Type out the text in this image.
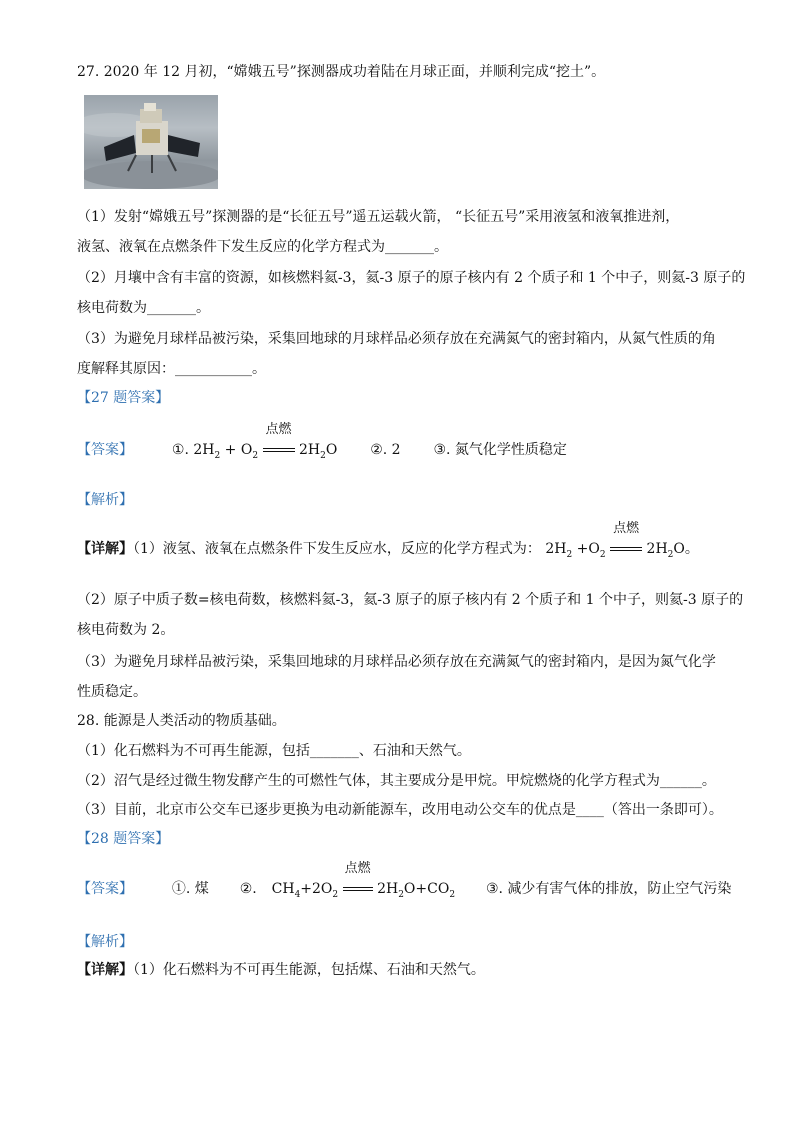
27. 2020 年 12 月初，“嫦娥五号”探测器成功着陆在月球正面，并顺利完成“挖土”。
（1）发射“嫦娥五号”探测器的是“长征五号”遥五运载火箭， “长征五号”采用液氢和液氧推进剂，
液氢、液氧在点燃条件下发生反应的化学方程式为_______。
（2）月壤中含有丰富的资源，如核燃料氦-3，氦-3 原子的原子核内有 2 个质子和 1 个中子，则氦-3 原子的
核电荷数为_______。
（3）为避免月球样品被污染，采集回地球的月球样品必须存放在充满氮气的密封箱内，从氮气性质的角
度解释其原因：___________。
【27 题答案】
【答案】	①. $2H_2 + O_2$
点燃
$2H_2O$ ②. 2 ③. 氮气化学性质稳定
【解析】
【详解】（1）液氢、液氧在点燃条件下发生反应水，反应的化学方程式为： $2H_2 +O_2$
点燃
$2H_2O$。
（2）原子中质子数=核电荷数，核燃料氦-3，氦-3 原子的原子核内有 2 个质子和 1 个中子，则氦-3 原子的
核电荷数为 2。
（3）为避免月球样品被污染，采集回地球的月球样品必须存放在充满氮气的密封箱内，是因为氮气化学
性质稳定。
28. 能源是人类活动的物质基础。
（1）化石燃料为不可再生能源，包括_______、石油和天然气。
（2）沼气是经过微生物发酵产生的可燃性气体，其主要成分是甲烷。甲烷燃烧的化学方程式为______。
（3）目前，北京市公交车已逐步更换为电动新能源车，改用电动公交车的优点是____（答出一条即可）。
【28 题答案】
【答案】	①. 煤 ②. $CH_4+2O_2$
点燃
$2H_2O+CO_2$ ③. 减少有害气体的排放，防止空气污染
【解析】
【详解】（1）化石燃料为不可再生能源，包括煤、石油和天然气。
